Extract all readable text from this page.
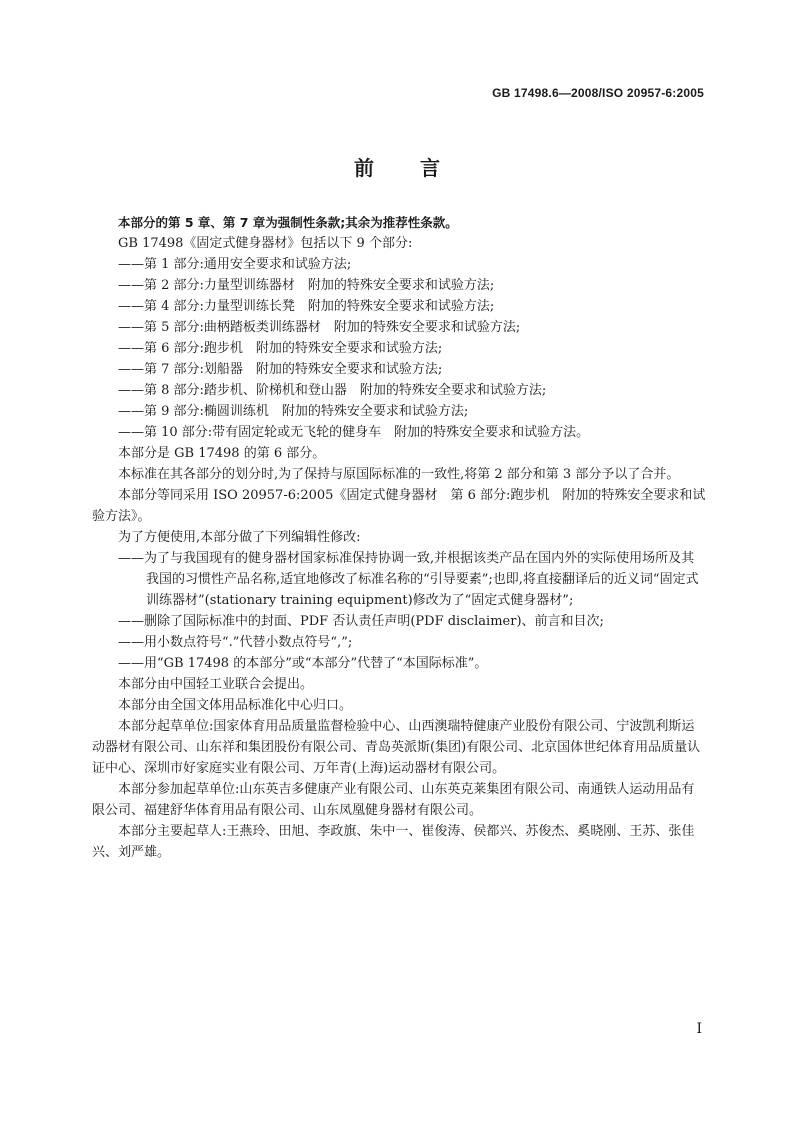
GB 17498.6—2008/ISO 20957-6:2005
前 言

本部分的第 5 章、第 7 章为强制性条款;其余为推荐性条款。

GB 17498《固定式健身器材》包括以下 9 个部分:

——第 1 部分:通用安全要求和试验方法;

——第 2 部分:力量型训练器材　附加的特殊安全要求和试验方法;

——第 4 部分:力量型训练长凳　附加的特殊安全要求和试验方法;

——第 5 部分:曲柄踏板类训练器材　附加的特殊安全要求和试验方法;

——第 6 部分:跑步机　附加的特殊安全要求和试验方法;

——第 7 部分:划船器　附加的特殊安全要求和试验方法;

——第 8 部分:踏步机、阶梯机和登山器　附加的特殊安全要求和试验方法;

——第 9 部分:椭圆训练机　附加的特殊安全要求和试验方法;

——第 10 部分:带有固定轮或无飞轮的健身车　附加的特殊安全要求和试验方法。

本部分是 GB 17498 的第 6 部分。

本标准在其各部分的划分时,为了保持与原国际标准的一致性,将第 2 部分和第 3 部分予以了合并。

本部分等同采用 ISO 20957-6:2005《固定式健身器材　第 6 部分:跑步机　附加的特殊安全要求和试验方法》。

为了方便使用,本部分做了下列编辑性修改:

——为了与我国现有的健身器材国家标准保持协调一致,并根据该类产品在国内外的实际使用场所及其我国的习惯性产品名称,适宜地修改了标准名称的“引导要素”;也即,将直接翻译后的近义词“固定式训练器材”(stationary training equipment)修改为了“固定式健身器材”;

——删除了国际标准中的封面、PDF 否认责任声明(PDF disclaimer)、前言和目次;

——用小数点符号“.”代替小数点符号“,”;

——用“GB 17498 的本部分”或“本部分”代替了“本国际标准”。

本部分由中国轻工业联合会提出。

本部分由全国文体用品标准化中心归口。

本部分起草单位:国家体育用品质量监督检验中心、山西澳瑞特健康产业股份有限公司、宁波凯利斯运动器材有限公司、山东祥和集团股份有限公司、青岛英派斯(集团)有限公司、北京国体世纪体育用品质量认证中心、深圳市好家庭实业有限公司、万年青(上海)运动器材有限公司。

本部分参加起草单位:山东英吉多健康产业有限公司、山东英克莱集团有限公司、南通铁人运动用品有限公司、福建舒华体育用品有限公司、山东凤凰健身器材有限公司。

本部分主要起草人:王燕玲、田旭、李政旗、朱中一、崔俊涛、侯都兴、苏俊杰、奚晓刚、王苏、张佳兴、刘严雄。

I
